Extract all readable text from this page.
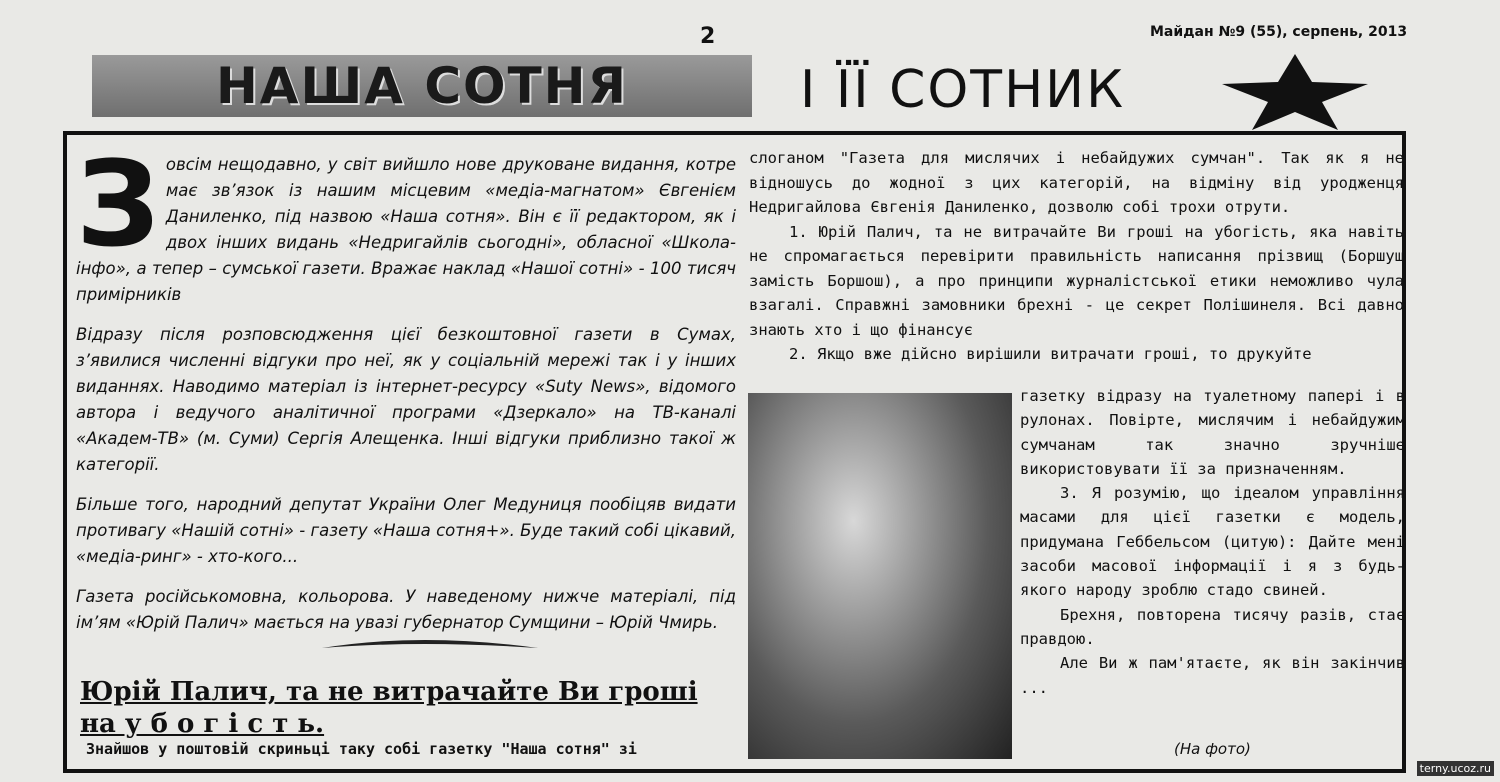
2	Майдан №9 (55), серпень, 2013
НАША СОТНЯ	І ЇЇ СОТНИК

Зовсім нещодавно, у світ вийшло нове друковане видання, котре має зв’язок із нашим місцевим «медіа-магнатом» Євгенієм Даниленко, під назвою «Наша сотня». Він є її редактором, як і двох інших видань «Недригайлів сьогодні», обласної «Школа-інфо», а тепер – сумської газети. Вражає наклад «Нашої сотні» - 100 тисяч примірників

Відразу після розповсюдження цієї безкоштовної газети в Сумах, з’явилися численні відгуки про неї, як у соціальній мережі так і у інших виданнях. Наводимо матеріал із інтернет-ресурсу «Suty News», відомого автора і ведучого аналітичної програми «Дзеркало» на ТВ-каналі «Академ-ТВ» (м. Суми) Сергія Алещенка. Інші відгуки приблизно такої ж категорії.

Більше того, народний депутат України Олег Медуниця пообіцяв видати противагу «Нашій сотні» - газету «Наша сотня+». Буде такий собі цікавий, «медіа-ринг» - хто-кого...

Газета російськомовна, кольорова. У наведеному нижче матеріалі, під ім’ям «Юрій Палич» мається на увазі губернатор Сумщини – Юрій Чмирь.

Юрій Палич, та не витрачайте Ви гроші на у б о г і с т ь.
Знайшов у поштовій скриньці таку собі газетку "Наша сотня" зі

слоганом "Газета для мислячих і небайдужих сумчан". Так як я не відношусь до жодної з цих категорій, на відміну від уродженця Недригайлова Євгенія Даниленко, дозволю собі трохи отрути.

1. Юрій Палич, та не витрачайте Ви гроші на убогість, яка навіть не спромагається перевірити правильність написання прізвищ (Боршуш замість Боршош), а про принципи журналістської етики неможливо чула взагалі. Справжні замовники брехні - це секрет Полішинеля. Всі давно знають хто і що фінансує

2. Якщо вже дійсно вирішили витрачати гроші, то друкуйте

газетку відразу на туалетному папері і в рулонах. Повірте, мислячим і небайдужим сумчанам так значно зручніше використовувати її за призначенням.

3. Я розумію, що ідеалом управління масами для цієї газетки є модель, придумана Геббельсом (цитую): Дайте мені засоби масової інформації і я з будь-якого народу зроблю стадо свиней.

Брехня, повторена тисячу разів, стає правдою.

Але Ви ж пам'ятаєте, як він закінчив ...

(На фото)
terny.ucoz.ru
